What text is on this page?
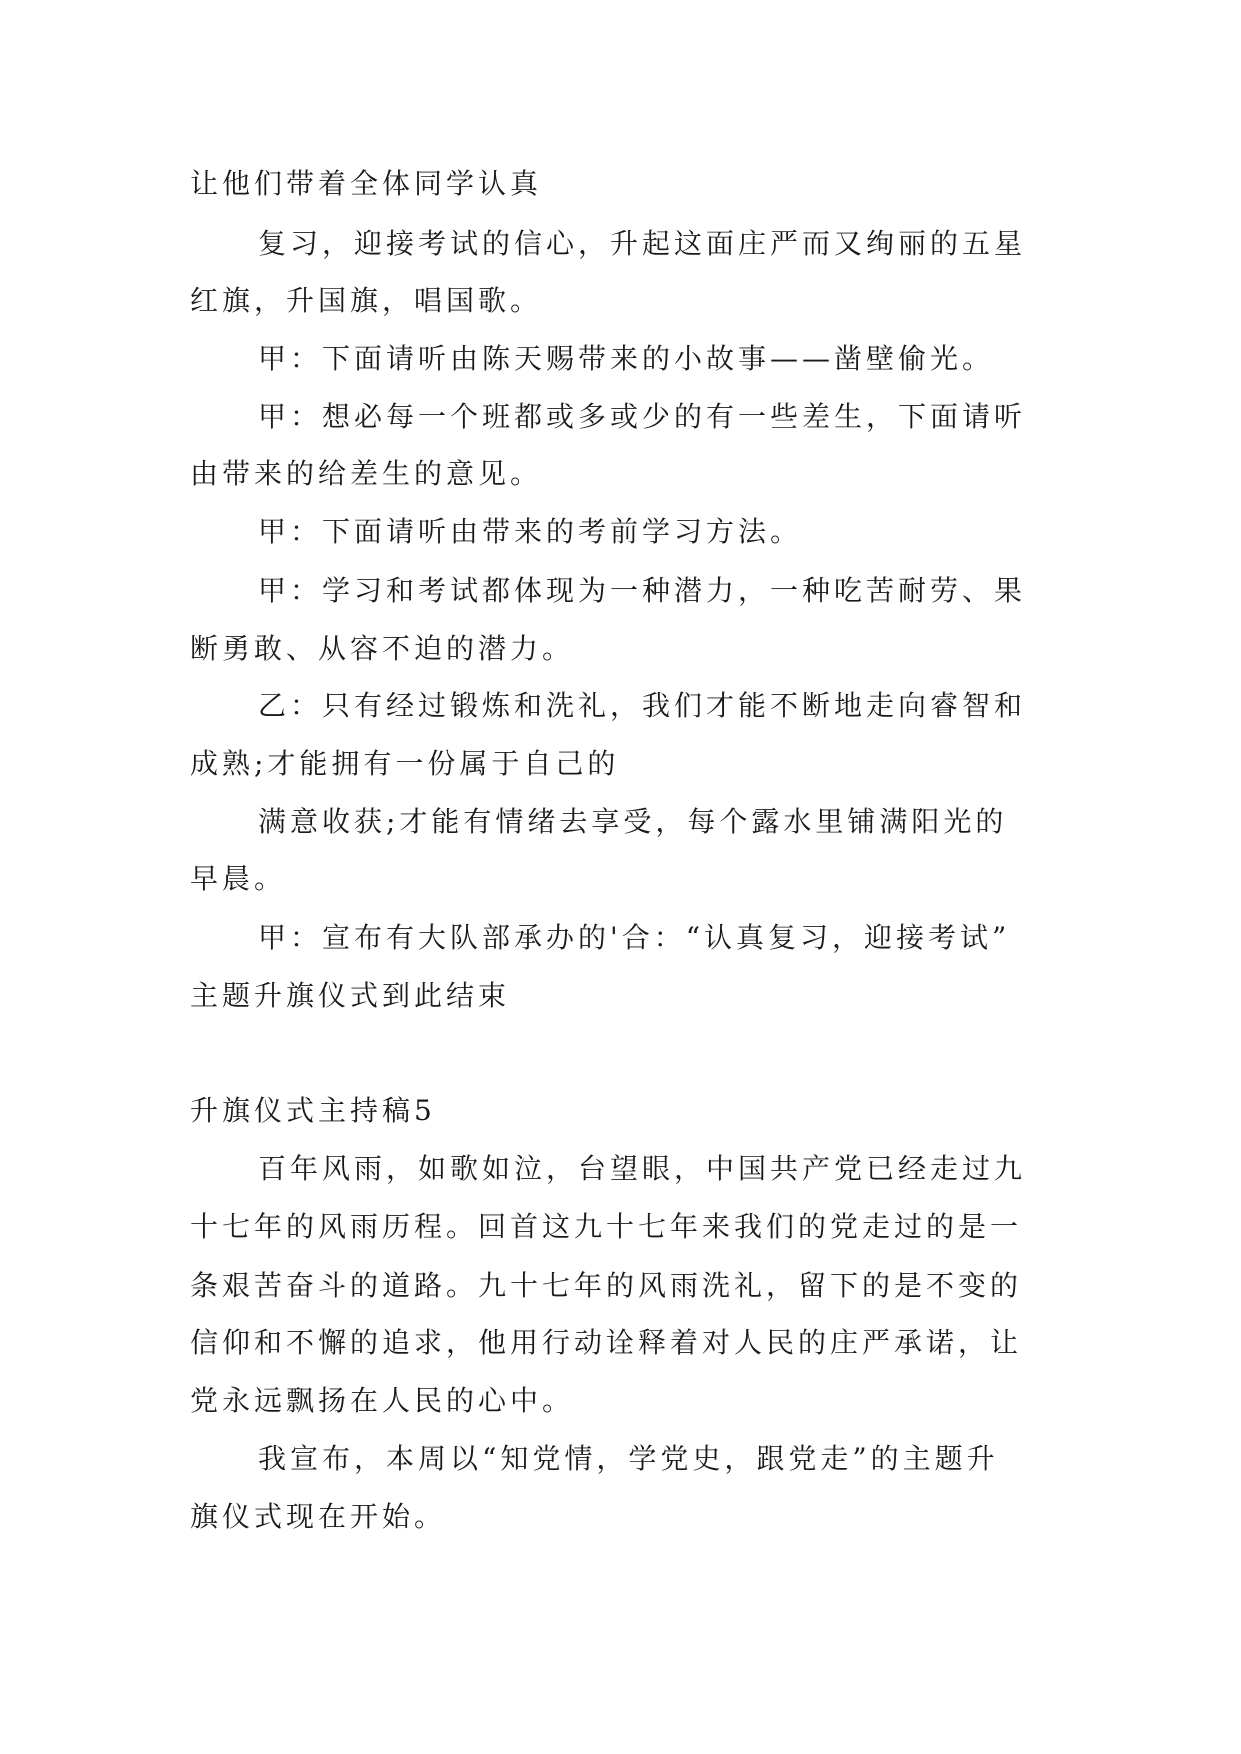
让他们带着全体同学认真
复习，迎接考试的信心，升起这面庄严而又绚丽的五星
红旗，升国旗，唱国歌。
甲：下面请听由陈天赐带来的小故事——凿壁偷光。
甲：想必每一个班都或多或少的有一些差生，下面请听
由带来的给差生的意见。
甲：下面请听由带来的考前学习方法。
甲：学习和考试都体现为一种潜力，一种吃苦耐劳、果
断勇敢、从容不迫的潜力。
乙：只有经过锻炼和洗礼，我们才能不断地走向睿智和
成熟;才能拥有一份属于自己的
满意收获;才能有情绪去享受，每个露水里铺满阳光的
早晨。
甲：宣布有大队部承办的'合：“认真复习，迎接考试”
主题升旗仪式到此结束
升旗仪式主持稿5
百年风雨，如歌如泣，台望眼，中国共产党已经走过九
十七年的风雨历程。回首这九十七年来我们的党走过的是一
条艰苦奋斗的道路。九十七年的风雨洗礼，留下的是不变的
信仰和不懈的追求，他用行动诠释着对人民的庄严承诺，让
党永远飘扬在人民的心中。
我宣布，本周以“知党情，学党史，跟党走”的主题升
旗仪式现在开始。
